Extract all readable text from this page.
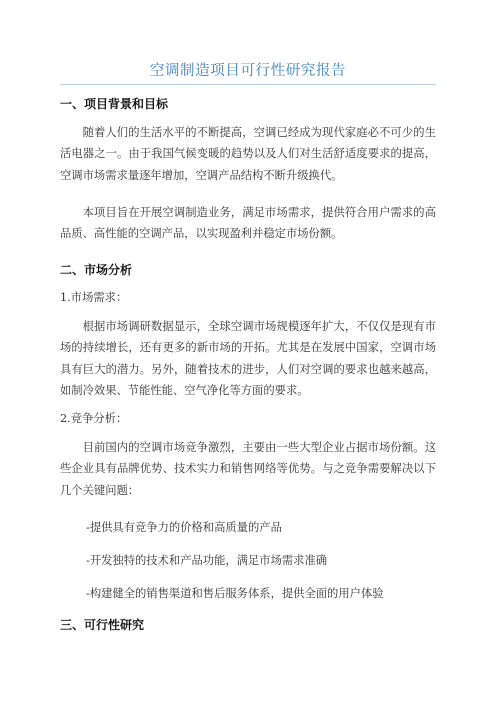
空调制造项目可行性研究报告
一、项目背景和目标
随着人们的生活水平的不断提高，空调已经成为现代家庭必不可少的生活电器之一。由于我国气候变暖的趋势以及人们对生活舒适度要求的提高，空调市场需求量逐年增加，空调产品结构不断升级换代。
本项目旨在开展空调制造业务，满足市场需求，提供符合用户需求的高品质、高性能的空调产品，以实现盈利并稳定市场份额。
二、市场分析
1.市场需求：
根据市场调研数据显示，全球空调市场规模逐年扩大，不仅仅是现有市场的持续增长，还有更多的新市场的开拓。尤其是在发展中国家，空调市场具有巨大的潜力。另外，随着技术的进步，人们对空调的要求也越来越高，如制冷效果、节能性能、空气净化等方面的要求。
2.竞争分析：
目前国内的空调市场竞争激烈，主要由一些大型企业占据市场份额。这些企业具有品牌优势、技术实力和销售网络等优势。与之竞争需要解决以下几个关键问题：
-提供具有竞争力的价格和高质量的产品
-开发独特的技术和产品功能，满足市场需求准确
-构建健全的销售渠道和售后服务体系，提供全面的用户体验
三、可行性研究
